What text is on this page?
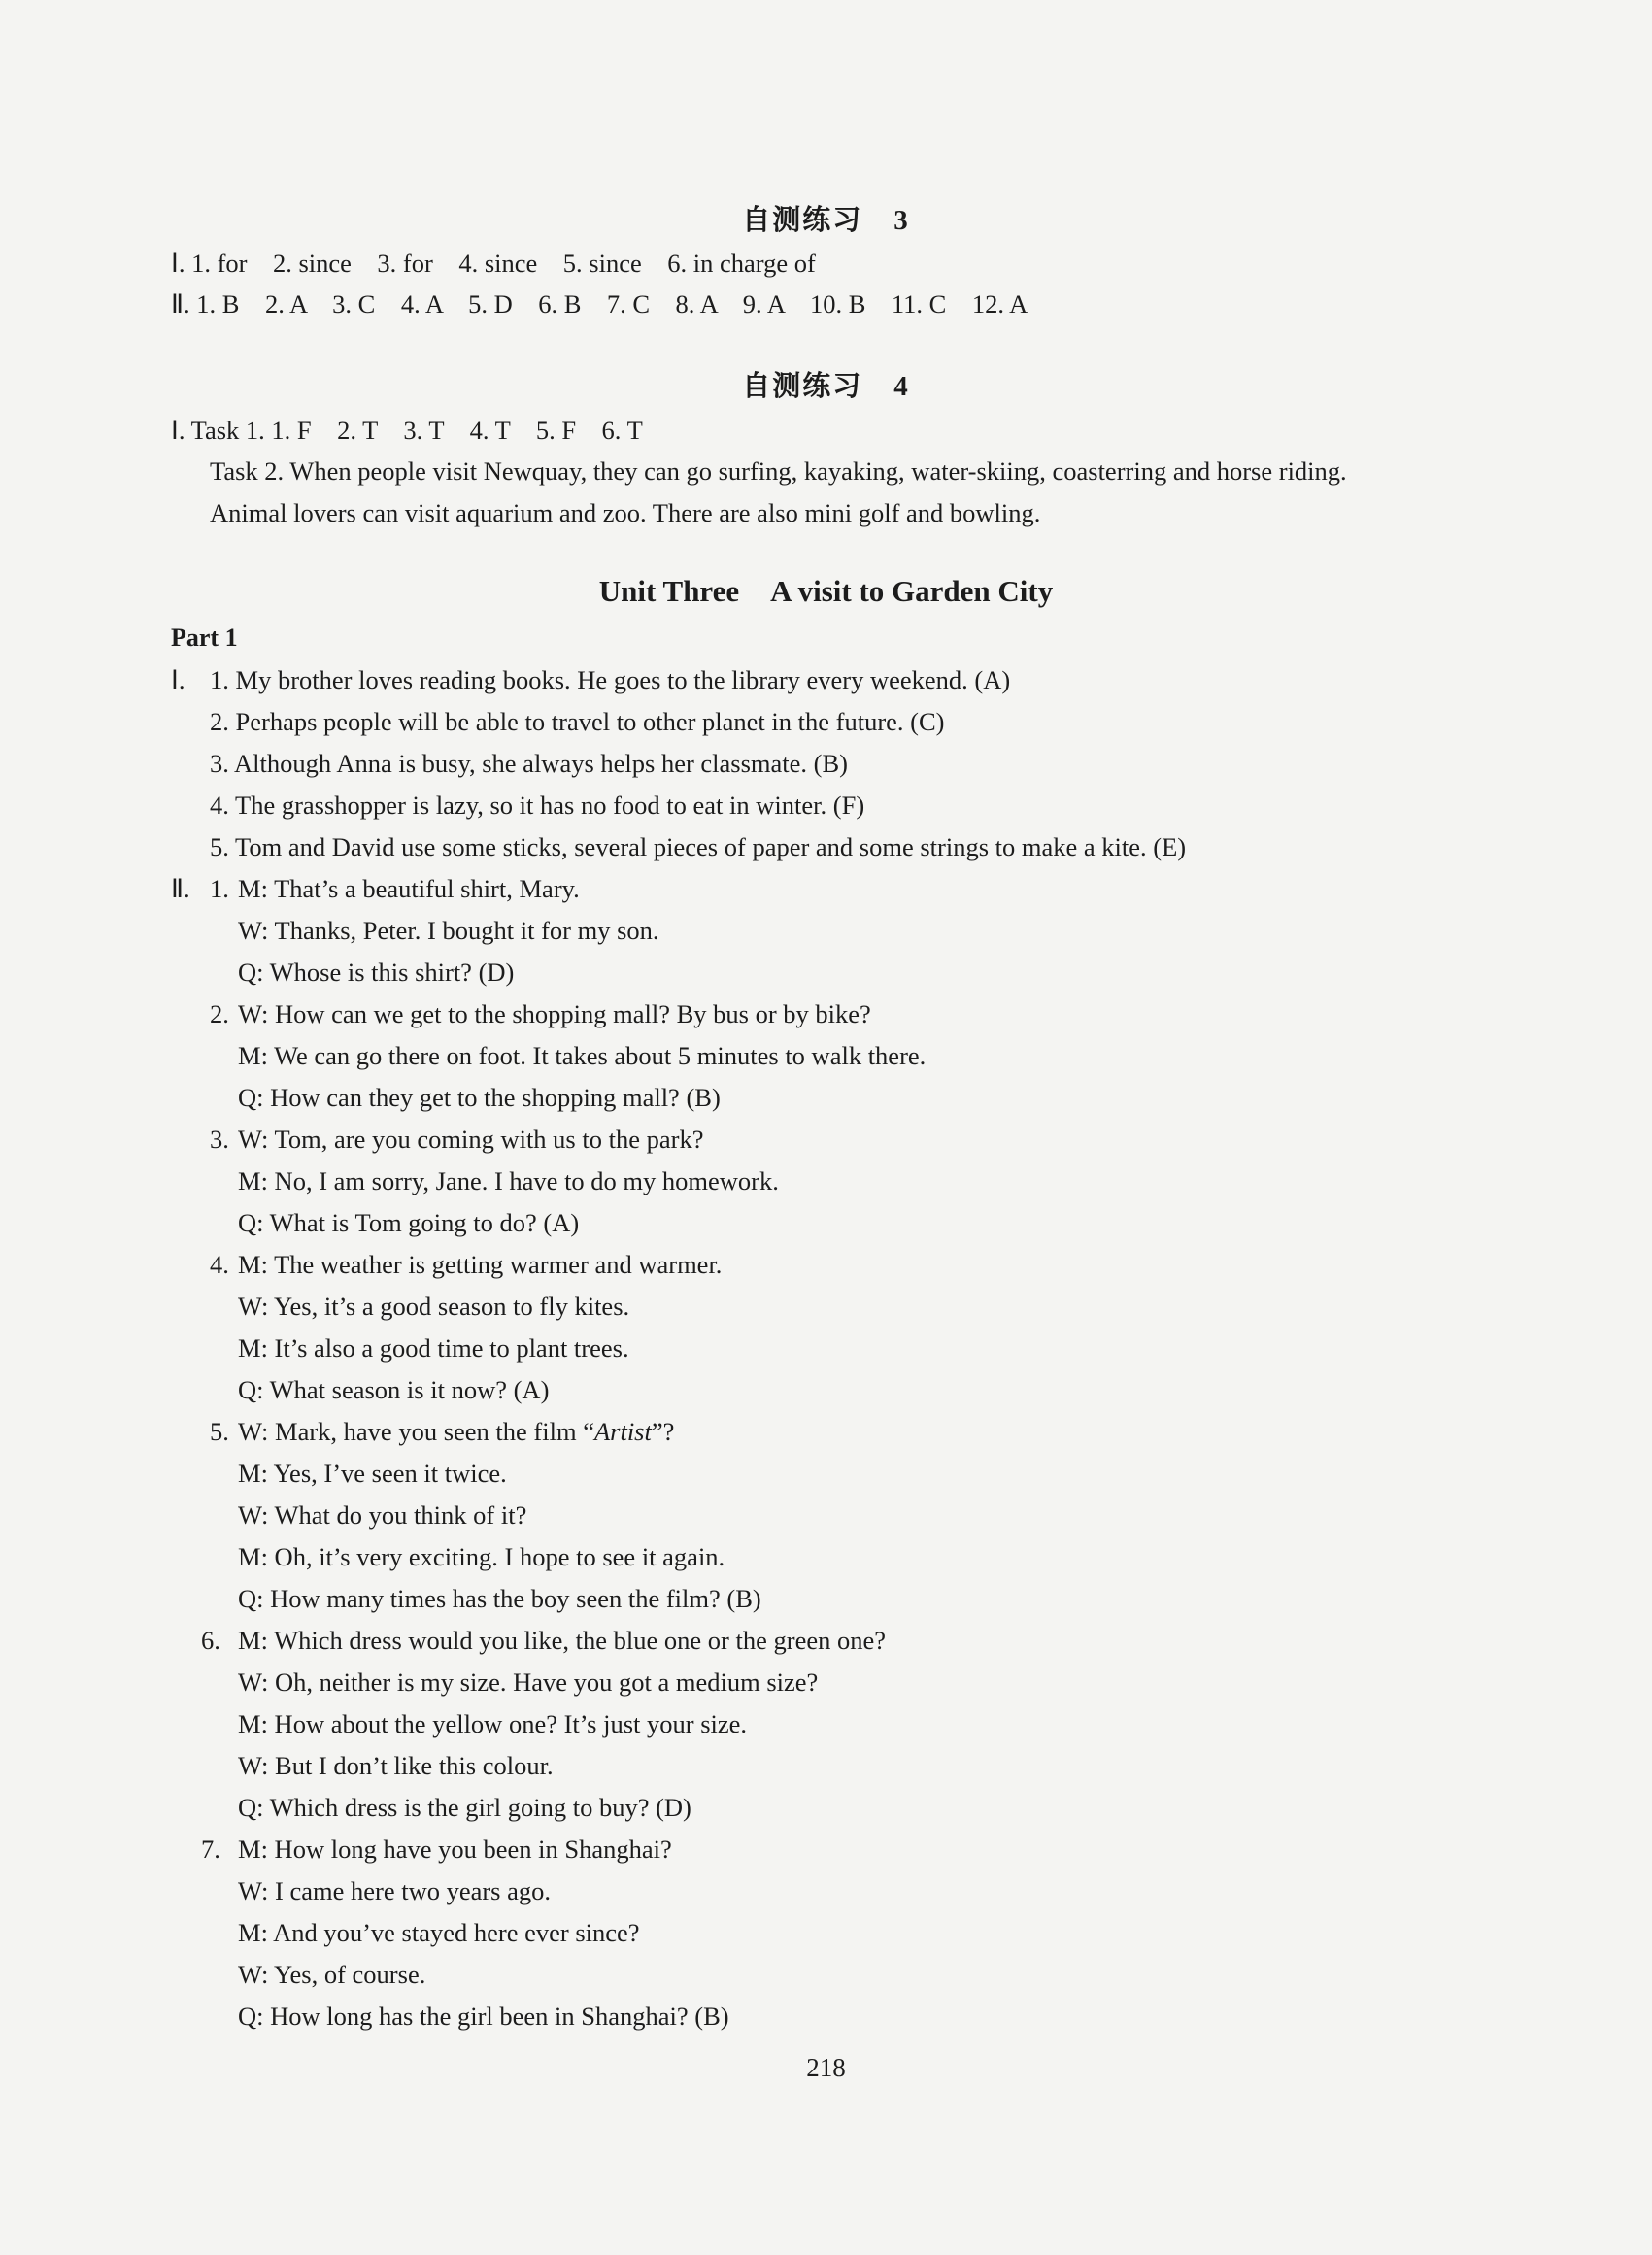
自测练习 3
Ⅰ. 1. for    2. since    3. for    4. since    5. since    6. in charge of
Ⅱ. 1. B    2. A    3. C    4. A    5. D    6. B    7. C    8. A    9. A    10. B    11. C    12. A
自测练习 4
Ⅰ. Task 1. 1. F    2. T    3. T    4. T    5. F    6. T
Task 2. When people visit Newquay, they can go surfing, kayaking, water-skiing, coasterring and horse riding.
Animal lovers can visit aquarium and zoo. There are also mini golf and bowling.
Unit Three A visit to Garden City
Part 1
Ⅰ. 1. My brother loves reading books. He goes to the library every weekend. (A)
2. Perhaps people will be able to travel to other planet in the future. (C)
3. Although Anna is busy, she always helps her classmate. (B)
4. The grasshopper is lazy, so it has no food to eat in winter. (F)
5. Tom and David use some sticks, several pieces of paper and some strings to make a kite. (E)
Ⅱ. 1. M: That’s a beautiful shirt, Mary.
W: Thanks, Peter. I bought it for my son.
Q: Whose is this shirt? (D)
2. W: How can we get to the shopping mall? By bus or by bike?
M: We can go there on foot. It takes about 5 minutes to walk there.
Q: How can they get to the shopping mall? (B)
3. W: Tom, are you coming with us to the park?
M: No, I am sorry, Jane. I have to do my homework.
Q: What is Tom going to do? (A)
4. M: The weather is getting warmer and warmer.
W: Yes, it’s a good season to fly kites.
M: It’s also a good time to plant trees.
Q: What season is it now? (A)
5. W: Mark, have you seen the film “Artist”?
M: Yes, I’ve seen it twice.
W: What do you think of it?
M: Oh, it’s very exciting. I hope to see it again.
Q: How many times has the boy seen the film? (B)
6. M: Which dress would you like, the blue one or the green one?
W: Oh, neither is my size. Have you got a medium size?
M: How about the yellow one? It’s just your size.
W: But I don’t like this colour.
Q: Which dress is the girl going to buy? (D)
7. M: How long have you been in Shanghai?
W: I came here two years ago.
M: And you’ve stayed here ever since?
W: Yes, of course.
Q: How long has the girl been in Shanghai? (B)
218
